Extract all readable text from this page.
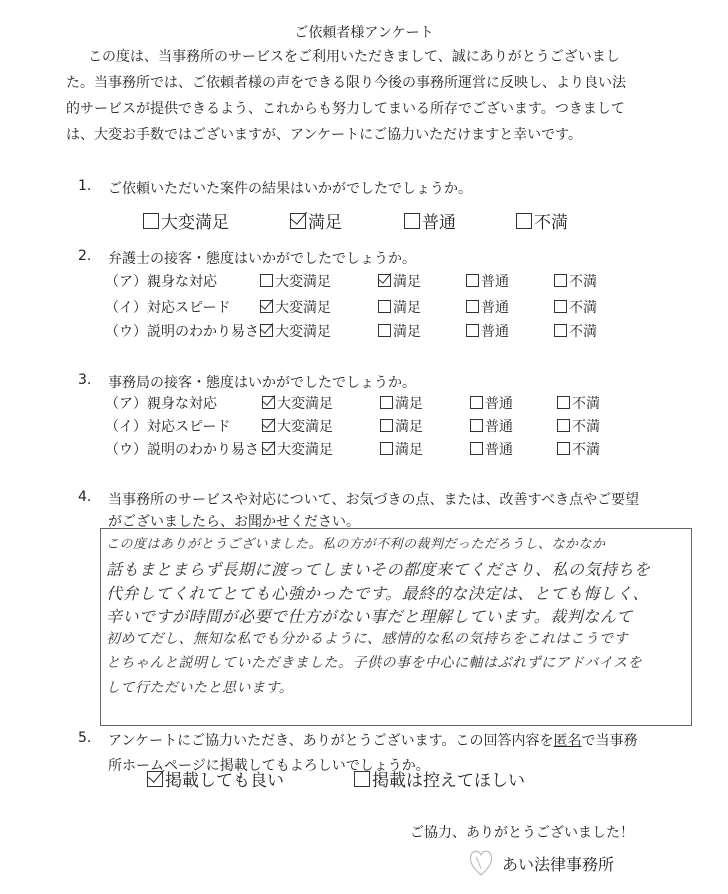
ご依頼者様アンケート
この度は、当事務所のサービスをご利用いただきまして、誠にありがとうございまし
た。当事務所では、ご依頼者様の声をできる限り今後の事務所運営に反映し、より良い法
的サービスが提供できるよう、これからも努力してまいる所存でございます。つきまして
は、大変お手数ではございますが、アンケートにご協力いただけますと幸いです。
1. ご依頼いただいた案件の結果はいかがでしたでしょうか。
大変満足	満足	普通	不満
2. 弁護士の接客・態度はいかがでしたでしょうか。
（ア）親身な対応	大変満足	満足	普通	不満
（イ）対応スピード	大変満足	満足	普通	不満
（ウ）説明のわかり易さ	大変満足	満足	普通	不満
3. 事務局の接客・態度はいかがでしたでしょうか。
（ア）親身な対応	大変満足	満足	普通	不満
（イ）対応スピード	大変満足	満足	普通	不満
（ウ）説明のわかり易さ	大変満足	満足	普通	不満
4. 当事務所のサービスや対応について、お気づきの点、または、改善すべき点やご要望
がございましたら、お聞かせください。
この度はありがとうございました。私の方が不利の裁判だっただろうし、なかなか
話もまとまらず長期に渡ってしまいその都度来てくださり、私の気持ちを
代弁してくれてとても心強かったです。最終的な決定は、とても悔しく、
辛いですが時間が必要で仕方がない事だと理解しています。裁判なんて
初めてだし、無知な私でも分かるように、感情的な私の気持ちをこれはこうです
とちゃんと説明していただきました。子供の事を中心に軸はぶれずにアドバイスを
して行ただいたと思います。
5. アンケートにご協力いただき、ありがとうございます。この回答内容を匿名で当事務
所ホームページに掲載してもよろしいでしょうか。
掲載しても良い	掲載は控えてほしい
ご協力、ありがとうございました！
あい法律事務所
